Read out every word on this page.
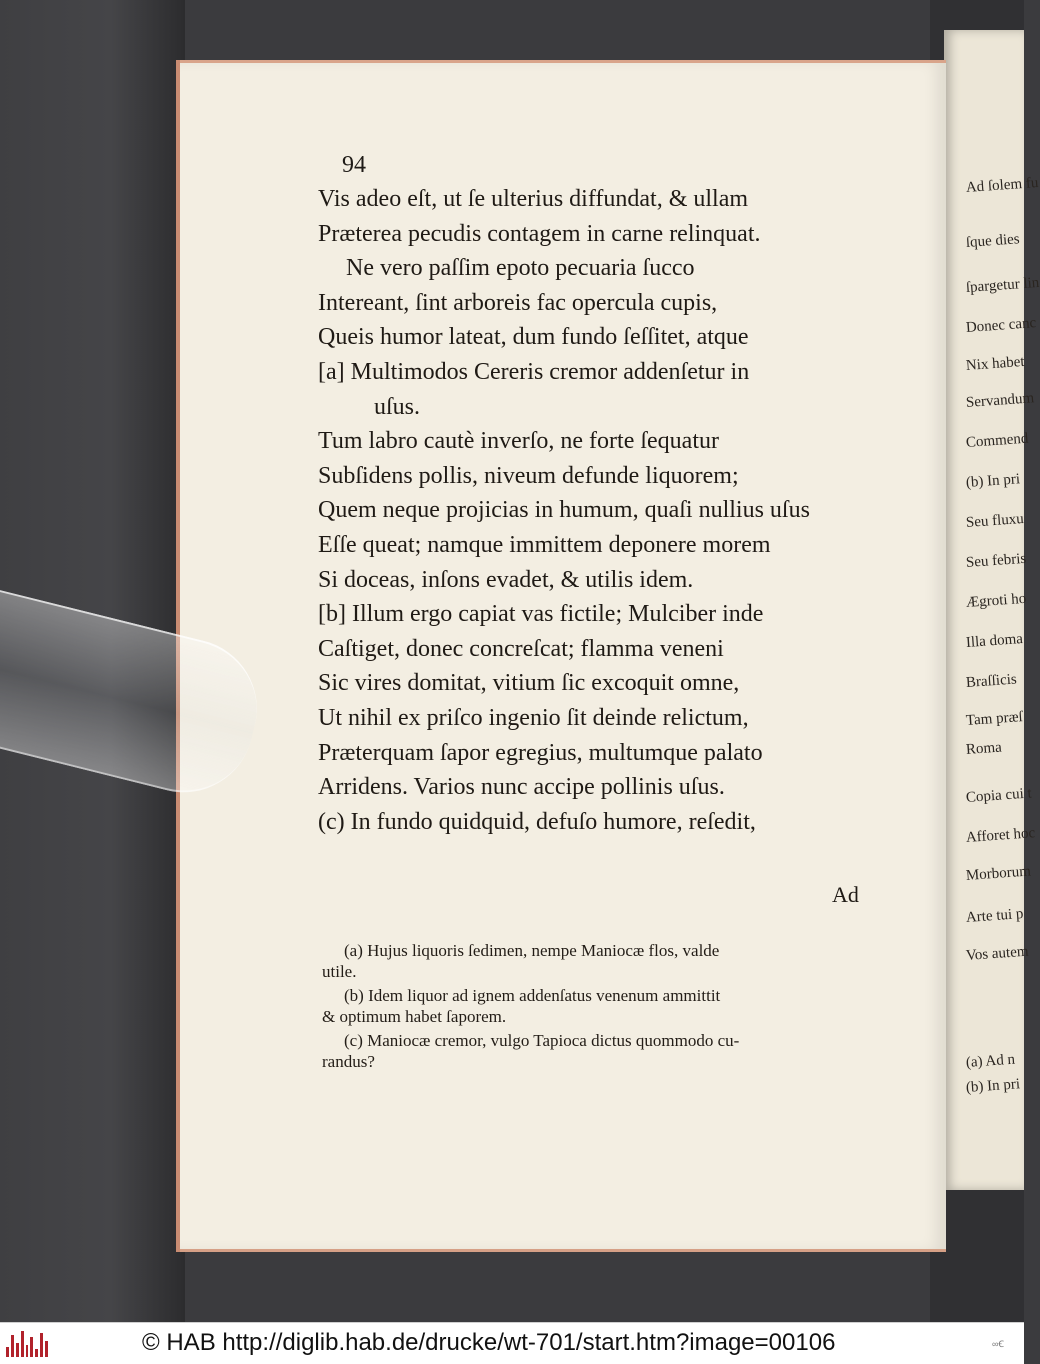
Ad ſolem fu
ſque dies
ſpargetur lin
Donec canc
Nix habet
Servandum
Commend
(b) In pri
Seu fluxu
Seu febris
Ægroti ho
Illa doma
Braſſicis
Tam præſ
Roma
Copia cui t
Afforet hoc
Morborum
Arte tui p
Vos autem
(a) Ad n
(b) In pri
94
Vis adeo eſt, ut ſe ulterius diffundat, & ullam
Præterea pecudis contagem in carne relinquat.
Ne vero paſſim epoto pecuaria ſucco
Intereant, ſint arboreis fac opercula cupis,
Queis humor lateat, dum fundo ſeſſitet, atque
[a] Multimodos Cereris cremor addenſetur in
uſus.
Tum labro cautè inverſo, ne forte ſequatur
Subſidens pollis, niveum defunde liquorem;
Quem neque projicias in humum, quaſi nullius uſus
Eſſe queat; namque immittem deponere morem
Si doceas, inſons evadet, & utilis idem.
[b] Illum ergo capiat vas fictile; Mulciber inde
Caſtiget, donec concreſcat; flamma veneni
Sic vires domitat, vitium ſic excoquit omne,
Ut nihil ex priſco ingenio ſit deinde relictum,
Præterquam ſapor egregius, multumque palato
Arridens. Varios nunc accipe pollinis uſus.
(c) In fundo quidquid, defuſo humore, reſedit,
Ad
(a) Hujus liquoris ſedimen, nempe Maniocæ flos, valde
utile.
(b) Idem liquor ad ignem addenſatus venenum ammittit
& optimum habet ſaporem.
(c) Maniocæ cremor, vulgo Tapioca dictus quommodo cu-
randus?
© HAB http://diglib.hab.de/drucke/wt-701/start.htm?image=00106	∞Ꞓ
